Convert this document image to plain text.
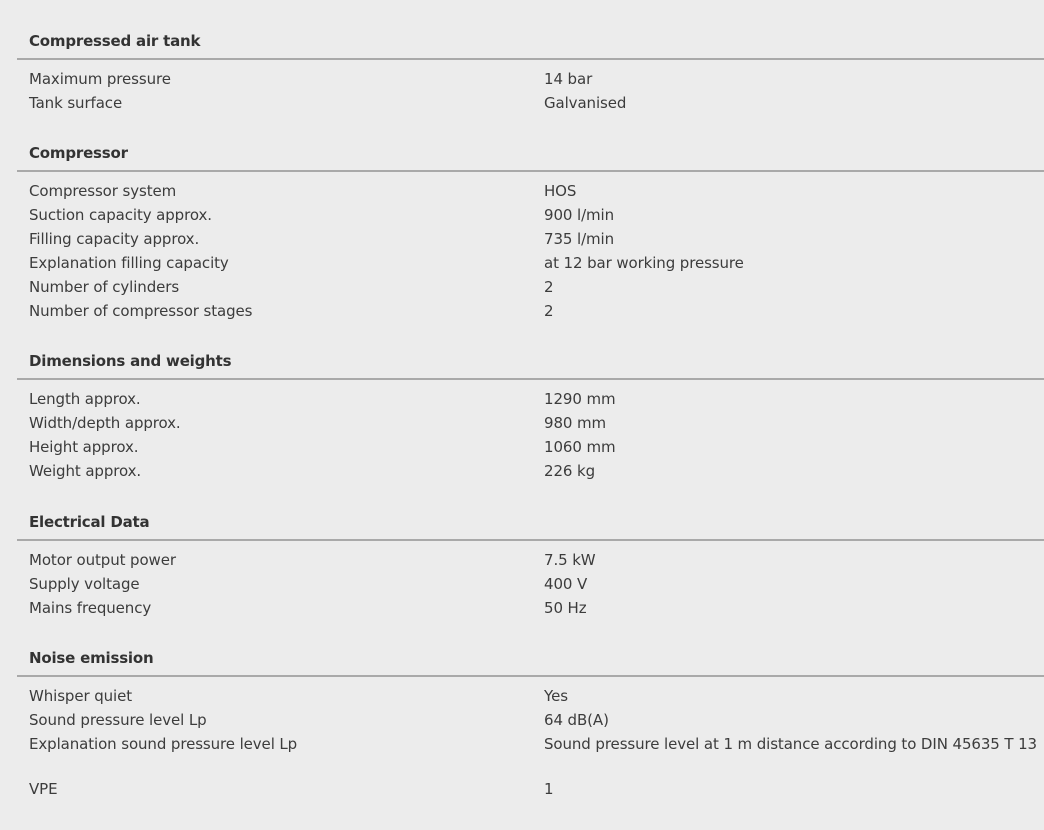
Compressed air tank
Maximum pressure	14 bar
Tank surface	Galvanised
Compressor
Compressor system	HOS
Suction capacity approx.	900 l/min
Filling capacity approx.	735 l/min
Explanation filling capacity	at 12 bar working pressure
Number of cylinders	2
Number of compressor stages	2
Dimensions and weights
Length approx.	1290 mm
Width/depth approx.	980 mm
Height approx.	1060 mm
Weight approx.	226 kg
Electrical Data
Motor output power	7.5 kW
Supply voltage	400 V
Mains frequency	50 Hz
Noise emission
Whisper quiet	Yes
Sound pressure level Lp	64 dB(A)
Explanation sound pressure level Lp	Sound pressure level at 1 m distance according to DIN 45635 T 13
VPE	1
